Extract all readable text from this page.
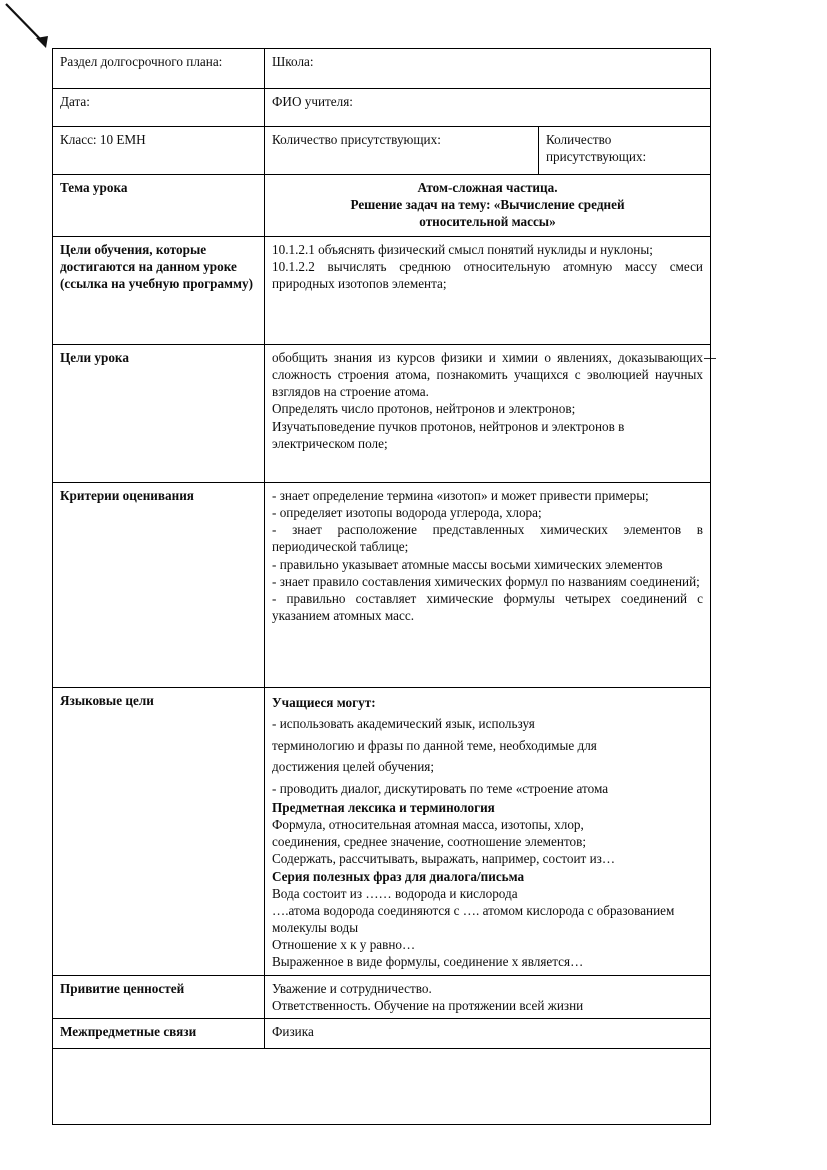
Раздел долгосрочного плана:	Школа:	
Дата:	ФИО учителя:	
Класс: 10 ЕМН	Количество присутствующих:	Количество присутствующих:
Тема урока	Атом-сложная частица.
Решение задач на тему: «Вычисление средней
относительной массы»	

Цели обучения, которые достигаются на данном уроке (ссылка на учебную программу)	10.1.2.1 объяснять физический смысл понятий нуклиды и нуклоны;

10.1.2.2 вычислять среднюю относительную атомную массу смеси природных изотопов элемента;	

Цели урока	обобщить знания из курсов физики и химии о явлениях, доказывающих сложность строения атома, познакомить учащихся с эволюцией научных взглядов на строение атома.

Определять число протонов, нейтронов и электронов;

Изучатьповедение пучков протонов, нейтронов и электронов в электрическом поле;	

Критерии оценивания	- знает определение термина «изотоп» и может привести примеры;

- определяет изотопы водорода углерода, хлора;

- знает расположение представленных химических элементов в периодической таблице;

- правильно указывает атомные массы восьми химических элементов

- знает правило составления химических формул по названиям соединений;

- правильно составляет химические формулы четырех соединений с указанием атомных масс.

Языковые цели	Учащиеся могут:

- использовать академический язык, используя

терминологию и фразы по данной теме, необходимые для

достижения целей обучения;

- проводить диалог, дискутировать по теме «строение атома

Предметная лексика и терминология

Формула, относительная атомная масса, изотопы, хлор,

соединения, среднее значение, соотношение элементов;

Содержать, рассчитывать, выражать, например, состоит из…

Серия полезных фраз для диалога/письма

Вода состоит из …… водорода и кислорода

….атома водорода соединяются с …. атомом кислорода с образованием молекулы воды

Отношение х к у равно…

Выраженное в виде формулы, соединение х является…

Привитие ценностей	Уважение и сотрудничество.

Ответственность. Обучение на протяжении всей жизни	

Межпредметные связи	Физика	
